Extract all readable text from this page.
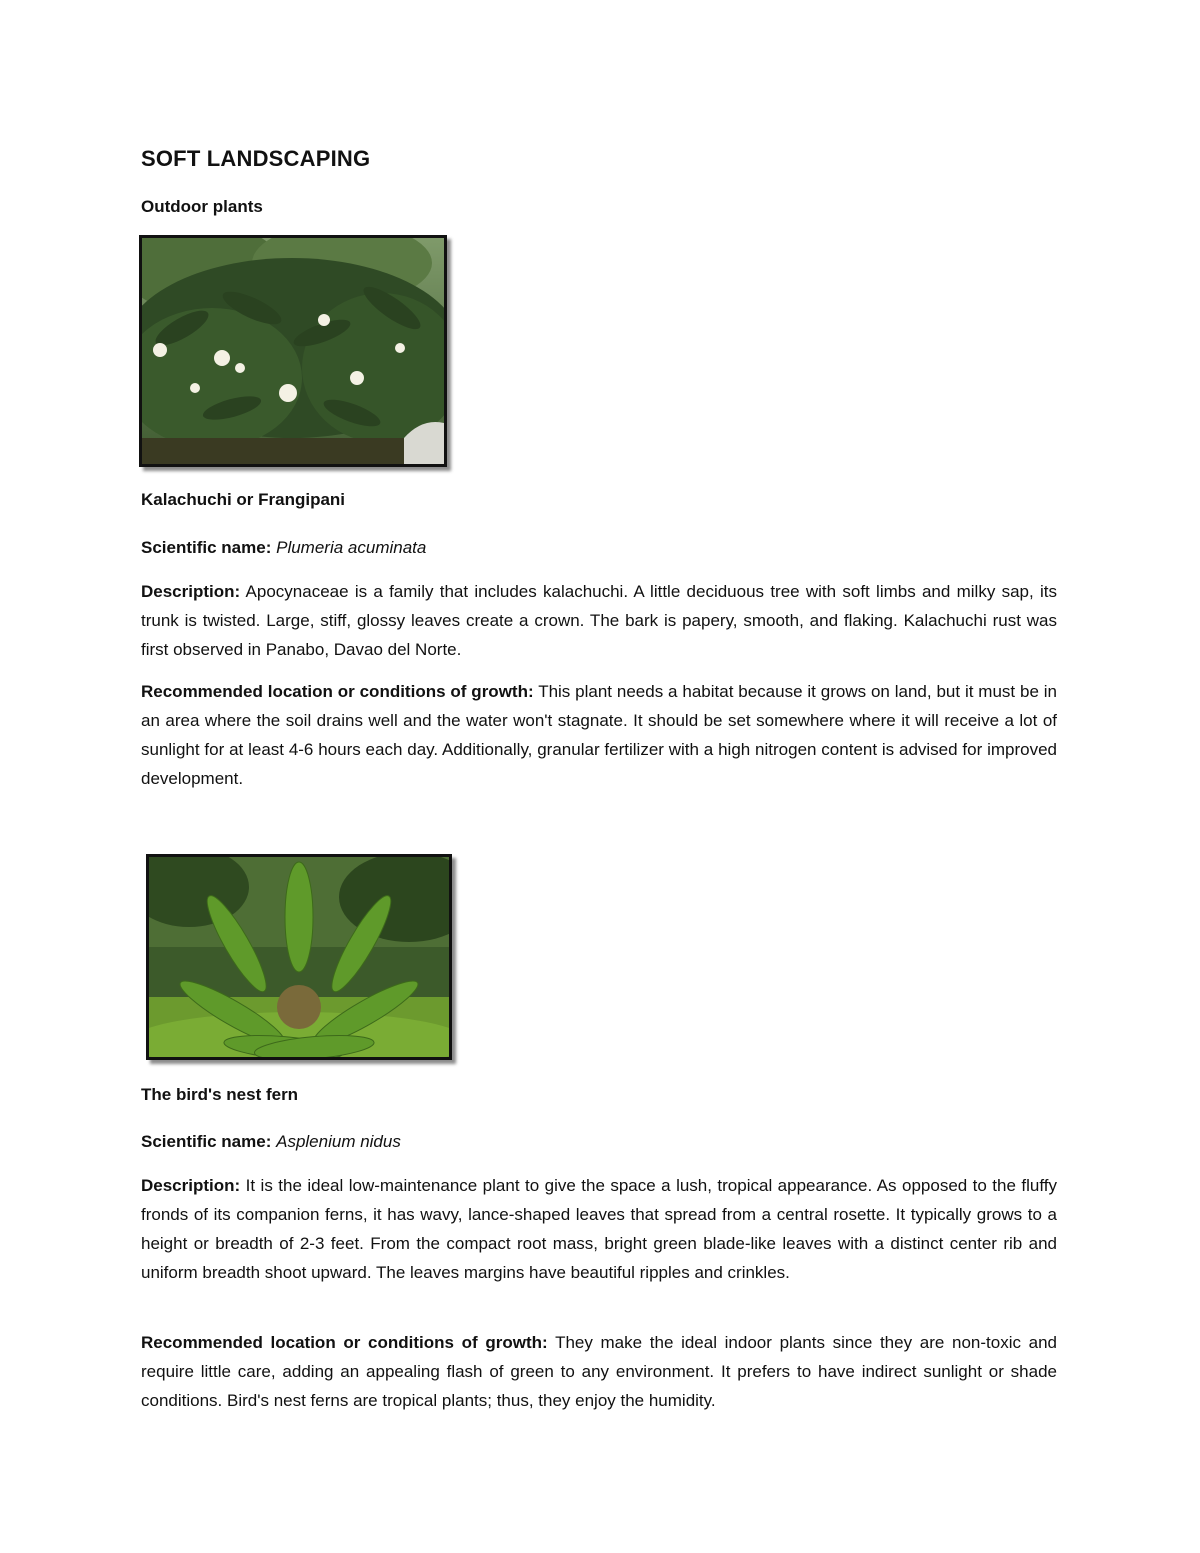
SOFT LANDSCAPING
Outdoor plants

Kalachuchi or Frangipani

Scientific name: Plumeria acuminata

Description: Apocynaceae is a family that includes kalachuchi. A little deciduous tree with soft limbs and milky sap, its trunk is twisted. Large, stiff, glossy leaves create a crown. The bark is papery, smooth, and flaking. Kalachuchi rust was first observed in Panabo, Davao del Norte.

Recommended location or conditions of growth: This plant needs a habitat because it grows on land, but it must be in an area where the soil drains well and the water won't stagnate. It should be set somewhere where it will receive a lot of sunlight for at least 4-6 hours each day. Additionally, granular fertilizer with a high nitrogen content is advised for improved development.

The bird's nest fern

Scientific name: Asplenium nidus

Description: It is the ideal low-maintenance plant to give the space a lush, tropical appearance. As opposed to the fluffy fronds of its companion ferns, it has wavy, lance-shaped leaves that spread from a central rosette. It typically grows to a height or breadth of 2-3 feet. From the compact root mass, bright green blade-like leaves with a distinct center rib and uniform breadth shoot upward. The leaves margins have beautiful ripples and crinkles.

Recommended location or conditions of growth: They make the ideal indoor plants since they are non-toxic and require little care, adding an appealing flash of green to any environment. It prefers to have indirect sunlight or shade conditions. Bird's nest ferns are tropical plants; thus, they enjoy the humidity.
